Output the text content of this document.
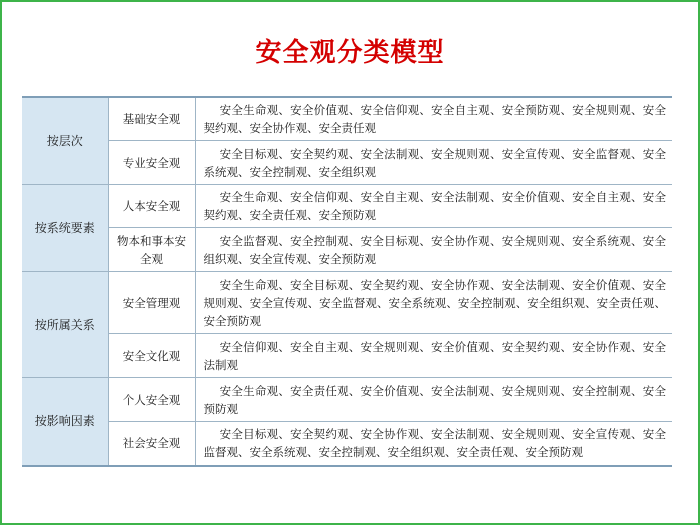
安全观分类模型
按层次	基础安全观	安全生命观、安全价值观、安全信仰观、安全自主观、安全预防观、安全规则观、安全契约观、安全协作观、安全责任观
	专业安全观	安全目标观、安全契约观、安全法制观、安全规则观、安全宣传观、安全监督观、安全系统观、安全控制观、安全组织观
按系统要素	人本安全观	安全生命观、安全信仰观、安全自主观、安全法制观、安全价值观、安全自主观、安全契约观、安全责任观、安全预防观
	物本和事本安全观	安全监督观、安全控制观、安全目标观、安全协作观、安全规则观、安全系统观、安全组织观、安全宣传观、安全预防观
按所属关系	安全管理观	安全生命观、安全目标观、安全契约观、安全协作观、安全法制观、安全价值观、安全规则观、安全宣传观、安全监督观、安全系统观、安全控制观、安全组织观、安全责任观、安全预防观
	安全文化观	安全信仰观、安全自主观、安全规则观、安全价值观、安全契约观、安全协作观、安全法制观
按影响因素	个人安全观	安全生命观、安全责任观、安全价值观、安全法制观、安全规则观、安全控制观、安全预防观
	社会安全观	安全目标观、安全契约观、安全协作观、安全法制观、安全规则观、安全宣传观、安全监督观、安全系统观、安全控制观、安全组织观、安全责任观、安全预防观
